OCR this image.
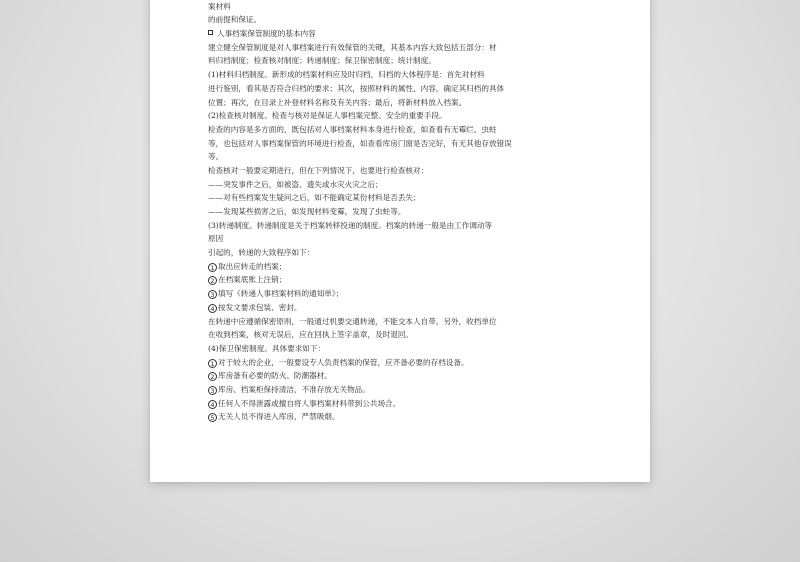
案材料
的前提和保证。
人事档案保管制度的基本内容
建立健全保管制度是对人事档案进行有效保管的关键，其基本内容大致包括五部分：材
料归档制度；检查核对制度；转递制度；保卫保密制度；统计制度。
(1)材料归档制度。新形成的档案材料应及时归档，归档的大体程序是：首先对材料
进行鉴别，看其是否符合归档的要求；其次，按照材料的属性、内容，确定其归档的具体
位置；再次，在目录上补登材料名称及有关内容；最后，将新材料放入档案。
(2)检查核对制度。检查与核对是保证人事档案完整、安全的重要手段。
检查的内容是多方面的，既包括对人事档案材料本身进行检查，如查看有无霉烂、虫蛀
等，也包括对人事档案保管的环境进行检查，如查看库房门窗是否完好，有无其他存放错误
等。
检查核对一般要定期进行，但在下列情况下，也要进行检查核对：
——突发事件之后，如被盗、遗失或水灾火灾之后；
——对有些档案发生疑问之后，如不能确定某份材料是否丢失；
——发现某些损害之后，如发现材料变霉，发现了虫蛀等。
(3)转递制度。转递制度是关于档案转移投递的制度。档案的转递一般是由工作调动等
原因
引起的，转递的大致程序如下：
1 取出应转走的档案；
2 在档案底账上注销；
3 填写《转递人事档案材料的通知单》；
4 按发文要求包装、密封。
在转递中应遵循保密原则，一般通过机要交通转递，不能交本人自带。另外，收档单位
在收到档案，核对无误后，应在回执上签字盖章，及时退回。
(4)保卫保密制度。具体要求如下：
1 对于较大的企业，一般要设专人负责档案的保管，应齐备必要的存档设备。
2 库房备有必要的防火、防潮器材。
3 库房、档案柜保持清洁，不准存放无关物品。
4 任何人不得泄露或擅自将人事档案材料带到公共场合。
5 无关人员不得进入库房，严禁吸烟。
